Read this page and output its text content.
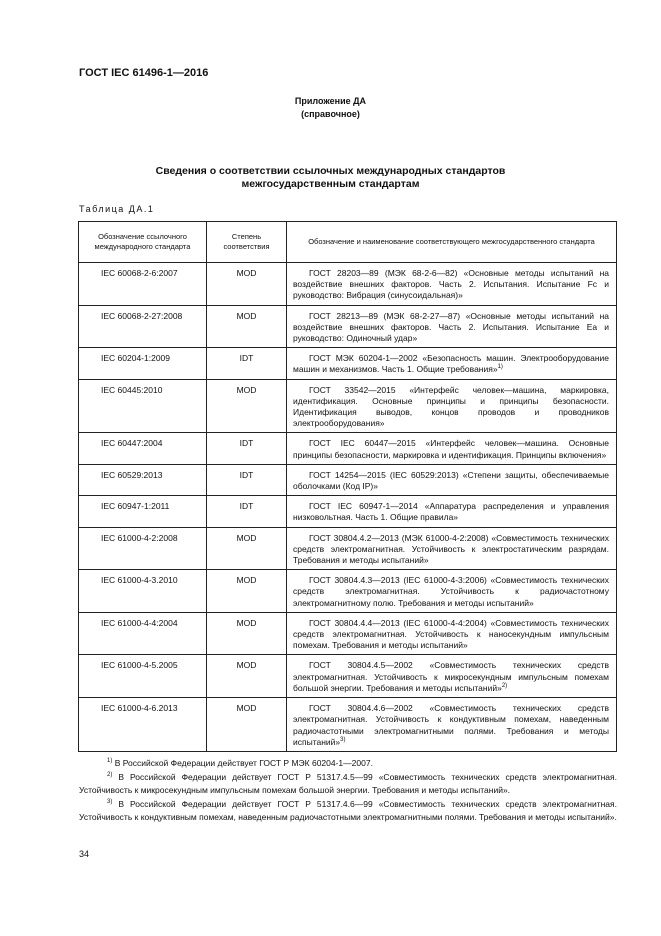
ГОСТ IEC 61496-1—2016
Приложение ДА
(справочное)
Сведения о соответствии ссылочных международных стандартов
межгосударственным стандартам
Таблица ДА.1
Обозначение ссылочного международного стандарта	Степень соответствия	Обозначение и наименование соответствующего межгосударственного стандарта
IEC 60068-2-6:2007	MOD	ГОСТ 28203—89 (МЭК 68-2-6—82) «Основные методы испытаний на воздействие внешних факторов. Часть 2. Испытания. Испытание Fc и руководство: Вибрация (синусоидальная)»
IEC 60068-2-27:2008	MOD	ГОСТ 28213—89 (МЭК 68-2-27—87) «Основные методы испытаний на воздействие внешних факторов. Часть 2. Испытания. Испытание Ea и руководство: Одиночный удар»
IEC 60204-1:2009	IDT	ГОСТ МЭК 60204-1—2002 «Безопасность машин. Электрооборудование машин и механизмов. Часть 1. Общие требования»$^{1)}$
IEC 60445:2010	MOD	ГОСТ 33542—2015 «Интерфейс человек—машина, маркировка, идентификация. Основные принципы и принципы безопасности. Идентификация выводов, концов проводов и проводников электрооборудования»
IEC 60447:2004	IDT	ГОСТ IEC 60447—2015 «Интерфейс человек—машина. Основные принципы безопасности, маркировка и идентификация. Принципы включения»
IEC 60529:2013	IDT	ГОСТ 14254—2015 (IEC 60529:2013) «Степени защиты, обеспечиваемые оболочками (Код IP)»
IEC 60947-1:2011	IDT	ГОСТ IEC 60947-1—2014 «Аппаратура распределения и управления низковольтная. Часть 1. Общие правила»
IEC 61000-4-2:2008	MOD	ГОСТ 30804.4.2—2013 (МЭК 61000-4-2:2008) «Совместимость технических средств электромагнитная. Устойчивость к электростатическим разрядам. Требования и методы испытаний»
IEC 61000-4-3.2010	MOD	ГОСТ 30804.4.3—2013 (IEC 61000-4-3:2006) «Совместимость технических средств электромагнитная. Устойчивость к радиочастотному электромагнитному полю. Требования и методы испытаний»
IEC 61000-4-4:2004	MOD	ГОСТ 30804.4.4—2013 (IEC 61000-4-4:2004) «Совместимость технических средств электромагнитная. Устойчивость к наносекундным импульсным помехам. Требования и методы испытаний»
IEC 61000-4-5.2005	MOD	ГОСТ 30804.4.5—2002 «Совместимость технических средств электромагнитная. Устойчивость к микросекундным импульсным помехам большой энергии. Требования и методы испытаний»$^{2)}$
IEC 61000-4-6.2013	MOD	ГОСТ 30804.4.6—2002 «Совместимость технических средств электромагнитная. Устойчивость к кондуктивным помехам, наведенным радиочастотными электромагнитными полями. Требования и методы испытаний»$^{3)}$

$^{1)}$ В Российской Федерации действует ГОСТ Р МЭК 60204-1—2007.

$^{2)}$ В Российской Федерации действует ГОСТ Р 51317.4.5—99 «Совместимость технических средств электромагнитная. Устойчивость к микросекундным импульсным помехам большой энергии. Требования и методы испытаний».

$^{3)}$ В Российской Федерации действует ГОСТ Р 51317.4.6—99 «Совместимость технических средств электромагнитная. Устойчивость к кондуктивным помехам, наведенным радиочастотными электромагнитными полями. Требования и методы испытаний».

34
